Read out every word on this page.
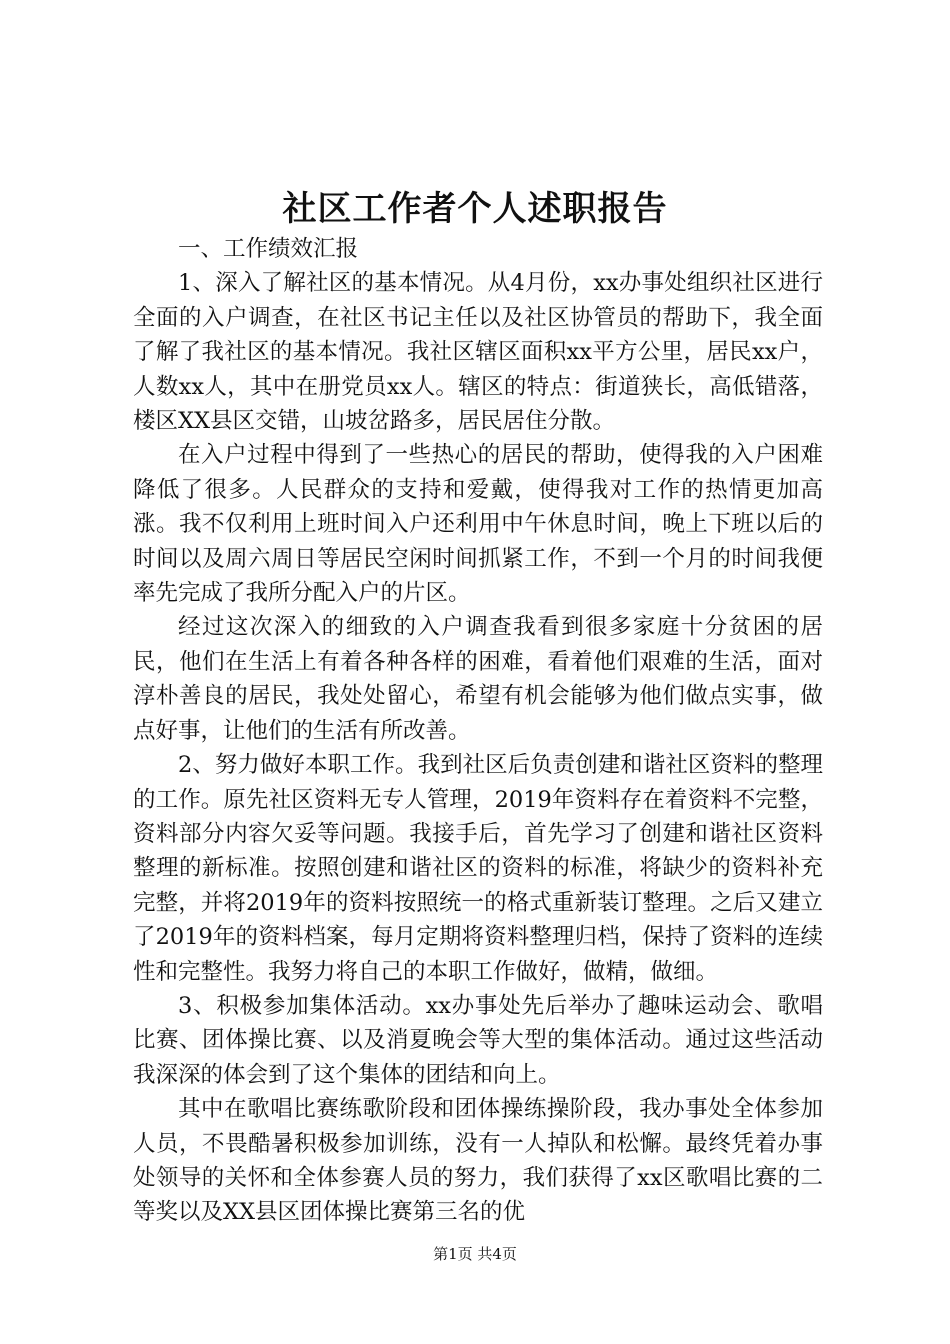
社区工作者个人述职报告

一、工作绩效汇报

1、深入了解社区的基本情况。从4月份，xx办事处组织社区进行全面的入户调查，在社区书记主任以及社区协管员的帮助下，我全面了解了我社区的基本情况。我社区辖区面积xx平方公里，居民xx户，人数xx人，其中在册党员xx人。辖区的特点：街道狭长，高低错落，楼区XX县区交错，山坡岔路多，居民居住分散。

在入户过程中得到了一些热心的居民的帮助，使得我的入户困难降低了很多。人民群众的支持和爱戴，使得我对工作的热情更加高涨。我不仅利用上班时间入户还利用中午休息时间，晚上下班以后的时间以及周六周日等居民空闲时间抓紧工作，不到一个月的时间我便率先完成了我所分配入户的片区。

经过这次深入的细致的入户调查我看到很多家庭十分贫困的居民，他们在生活上有着各种各样的困难，看着他们艰难的生活，面对淳朴善良的居民，我处处留心，希望有机会能够为他们做点实事，做点好事，让他们的生活有所改善。

2、努力做好本职工作。我到社区后负责创建和谐社区资料的整理的工作。原先社区资料无专人管理，2019年资料存在着资料不完整，资料部分内容欠妥等问题。我接手后，首先学习了创建和谐社区资料整理的新标准。按照创建和谐社区的资料的标准，将缺少的资料补充完整，并将2019年的资料按照统一的格式重新装订整理。之后又建立了2019年的资料档案，每月定期将资料整理归档，保持了资料的连续性和完整性。我努力将自己的本职工作做好，做精，做细。

3、积极参加集体活动。xx办事处先后举办了趣味运动会、歌唱比赛、团体操比赛、以及消夏晚会等大型的集体活动。通过这些活动我深深的体会到了这个集体的团结和向上。

其中在歌唱比赛练歌阶段和团体操练操阶段，我办事处全体参加人员，不畏酷暑积极参加训练，没有一人掉队和松懈。最终凭着办事处领导的关怀和全体参赛人员的努力，我们获得了xx区歌唱比赛的二等奖以及XX县区团体操比赛第三名的优

第1页 共4页
